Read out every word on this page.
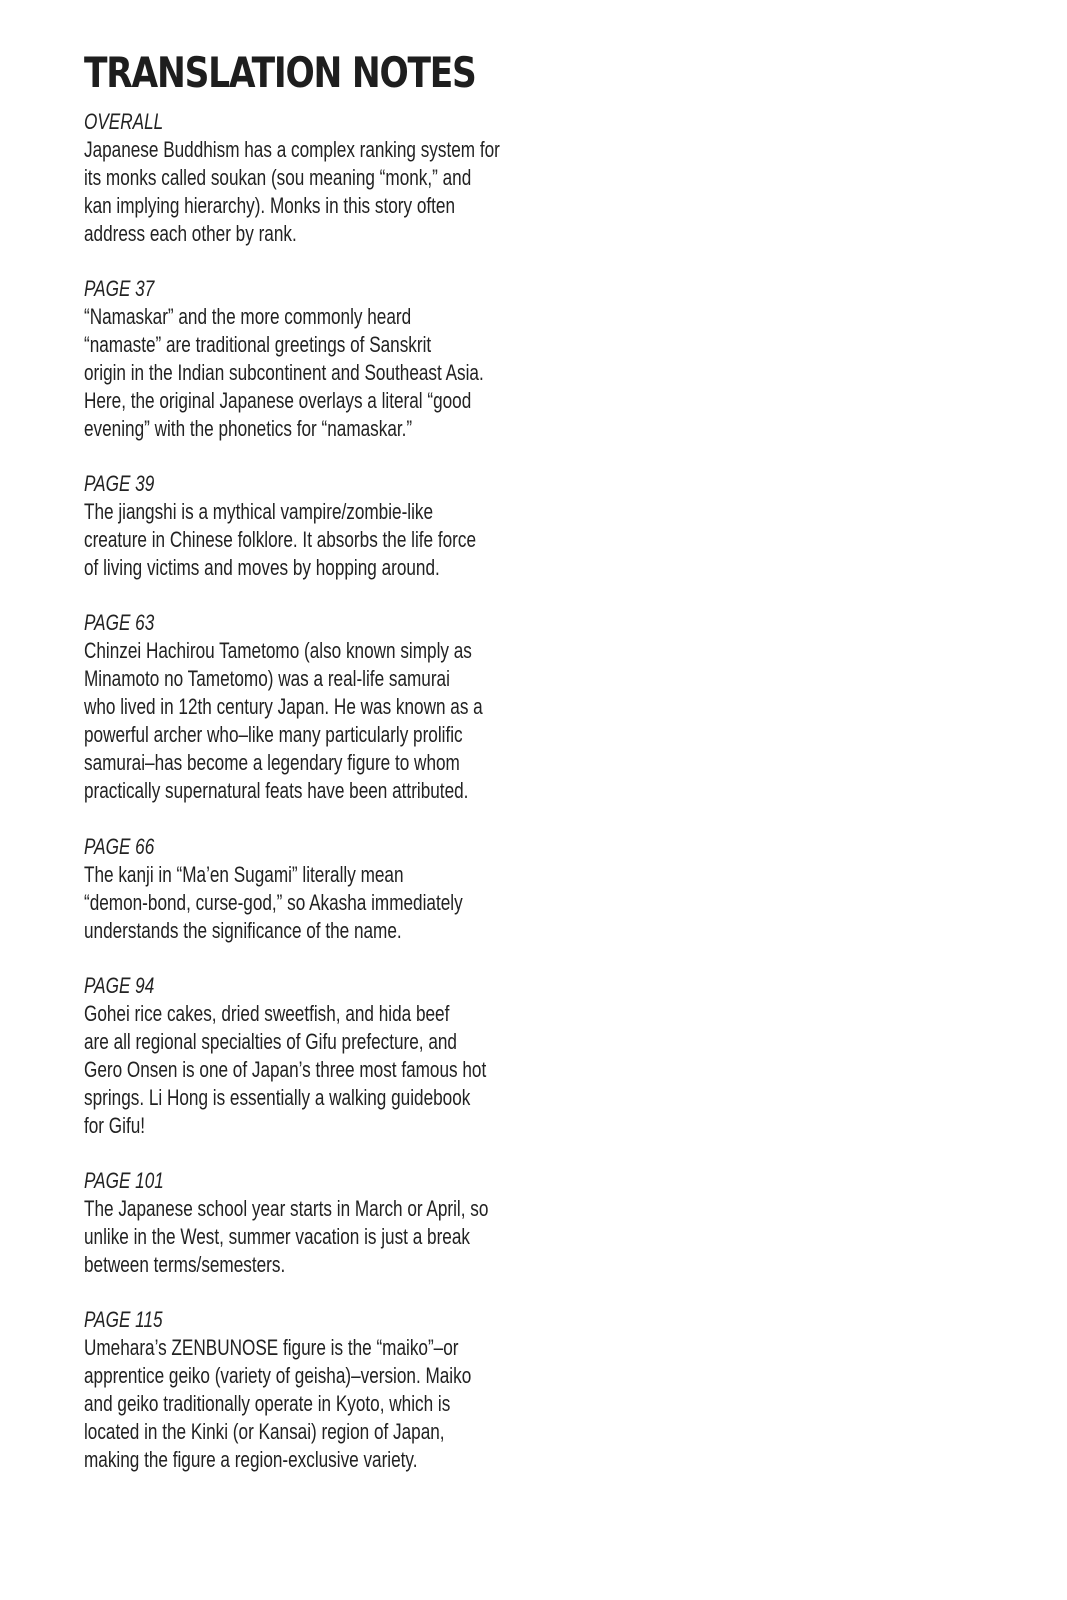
TRANSLATION NOTES

OVERALL

Japanese Buddhism has a complex ranking system for
its monks called soukan (sou meaning “monk,” and
kan implying hierarchy). Monks in this story often
address each other by rank.

PAGE 37

“Namaskar” and the more commonly heard
“namaste” are traditional greetings of Sanskrit
origin in the Indian subcontinent and Southeast Asia.
Here, the original Japanese overlays a literal “good
evening” with the phonetics for “namaskar.”

PAGE 39

The jiangshi is a mythical vampire/zombie-like
creature in Chinese folklore. It absorbs the life force
of living victims and moves by hopping around.

PAGE 63

Chinzei Hachirou Tametomo (also known simply as
Minamoto no Tametomo) was a real-life samurai
who lived in 12th century Japan. He was known as a
powerful archer who–like many particularly prolific
samurai–has become a legendary figure to whom
practically supernatural feats have been attributed.

PAGE 66

The kanji in “Ma’en Sugami” literally mean
“demon-bond, curse-god,” so Akasha immediately
understands the significance of the name.

PAGE 94

Gohei rice cakes, dried sweetfish, and hida beef
are all regional specialties of Gifu prefecture, and
Gero Onsen is one of Japan’s three most famous hot
springs. Li Hong is essentially a walking guidebook
for Gifu!

PAGE 101

The Japanese school year starts in March or April, so
unlike in the West, summer vacation is just a break
between terms/semesters.

PAGE 115

Umehara’s ZENBUNOSE figure is the “maiko”–or
apprentice geiko (variety of geisha)–version. Maiko
and geiko traditionally operate in Kyoto, which is
located in the Kinki (or Kansai) region of Japan,
making the figure a region-exclusive variety.
